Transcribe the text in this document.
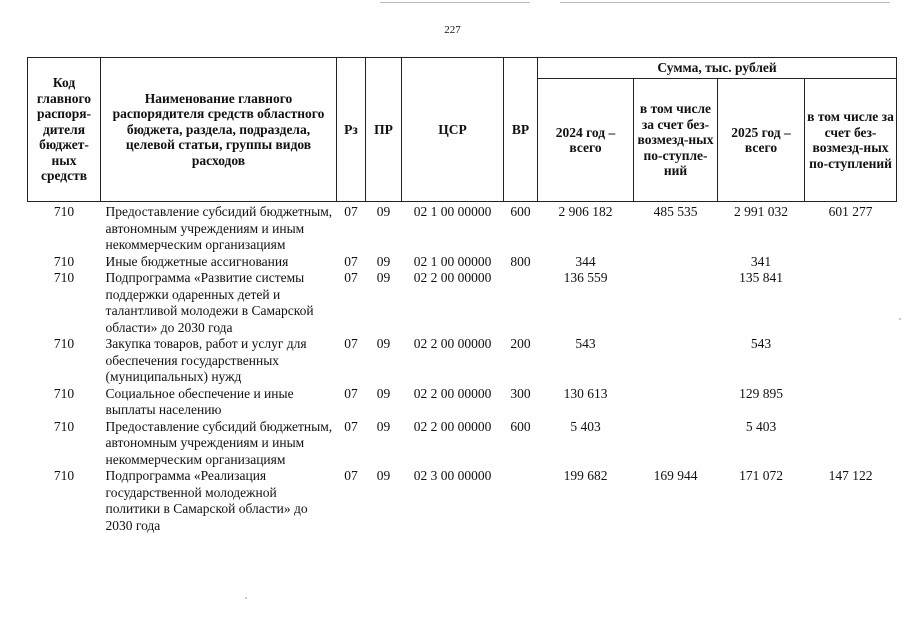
227
Код главного распоря-дителя бюджет-ных средств	Наименование главного распорядителя средств областного бюджета, раздела, подраздела, целевой статьи, группы видов расходов	Рз	ПР	ЦСР	ВР	Сумма, тыс. рублей			
						2024 год – всего	в том числе за счет без-возмезд-ных по-ступле-ний	2025 год – всего	в том числе за счет без-возмезд-ных по-ступлений
710	Предоставление субсидий бюджетным, автономным учреждениям и иным некоммерческим организациям	07	09	02 1 00 00000	600	2 906 182	485 535	2 991 032	601 277
710	Иные бюджетные ассигнования	07	09	02 1 00 00000	800	344		341	
710	Подпрограмма «Развитие системы поддержки одаренных детей и талантливой молодежи в Самарской области» до 2030 года	07	09	02 2 00 00000		136 559		135 841	
710	Закупка товаров, работ и услуг для обеспечения государственных (муниципальных) нужд	07	09	02 2 00 00000	200	543		543	
710	Социальное обеспечение и иные выплаты населению	07	09	02 2 00 00000	300	130 613		129 895	
710	Предоставление субсидий бюджетным, автономным учреждениям и иным некоммерческим организациям	07	09	02 2 00 00000	600	5 403		5 403	
710	Подпрограмма «Реализация государственной молодежной политики в Самарской области» до 2030 года	07	09	02 3 00 00000		199 682	169 944	171 072	147 122
